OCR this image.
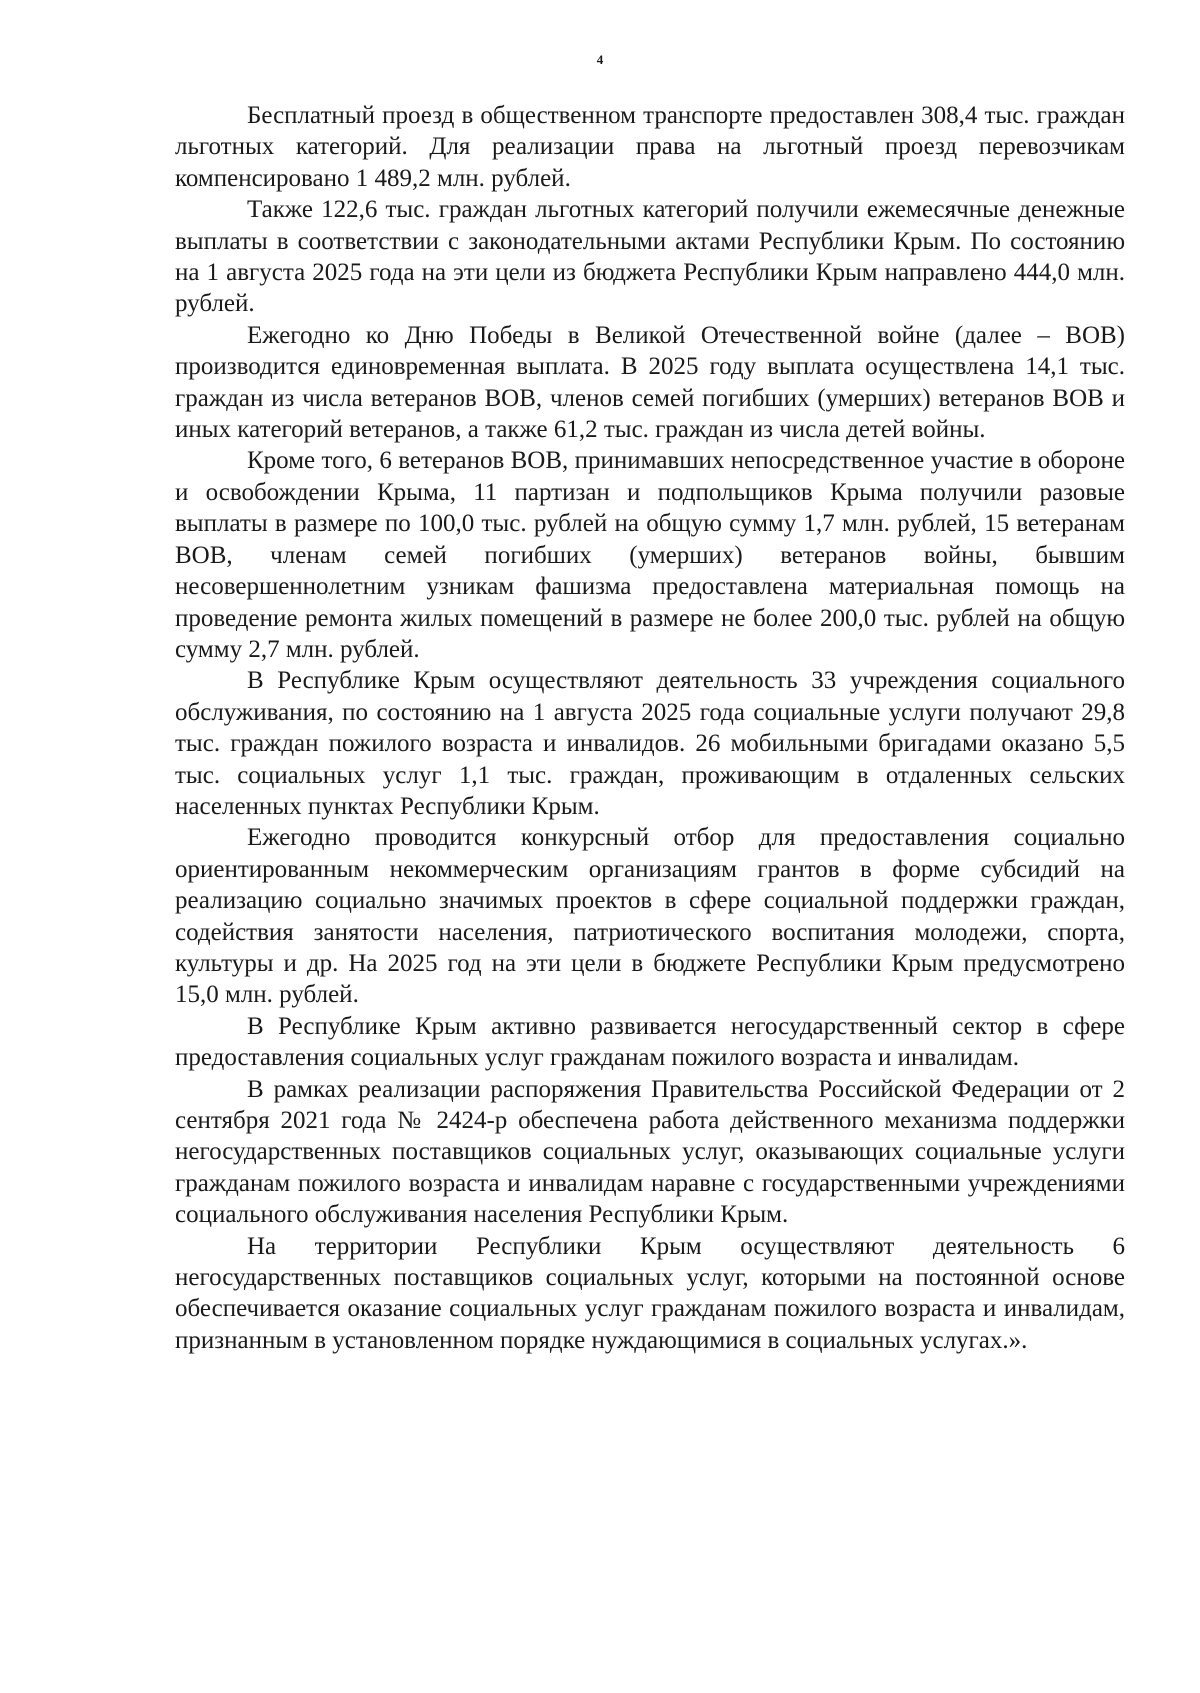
4

Бесплатный проезд в общественном транспорте предоставлен 308,4 тыс. граждан льготных категорий. Для реализации права на льготный проезд перевозчикам компенсировано 1 489,2 млн. рублей.

Также 122,6 тыс. граждан льготных категорий получили ежемесячные денежные выплаты в соответствии с законодательными актами Республики Крым. По состоянию на 1 августа 2025 года на эти цели из бюджета Республики Крым направлено 444,0 млн. рублей.

Ежегодно ко Дню Победы в Великой Отечественной войне (далее – ВОВ) производится единовременная выплата. В 2025 году выплата осуществлена 14,1 тыс. граждан из числа ветеранов ВОВ, членов семей погибших (умерших) ветеранов ВОВ и иных категорий ветеранов, а также 61,2 тыс. граждан из числа детей войны.

Кроме того, 6 ветеранов ВОВ, принимавших непосредственное участие в обороне и освобождении Крыма, 11 партизан и подпольщиков Крыма получили разовые выплаты в размере по 100,0 тыс. рублей на общую сумму 1,7 млн. рублей, 15 ветеранам ВОВ, членам семей погибших (умерших) ветеранов войны, бывшим несовершеннолетним узникам фашизма предоставлена материальная помощь на проведение ремонта жилых помещений в размере не более 200,0 тыс. рублей на общую сумму 2,7 млн. рублей.

В Республике Крым осуществляют деятельность 33 учреждения социального обслуживания, по состоянию на 1 августа 2025 года социальные услуги получают 29,8 тыс. граждан пожилого возраста и инвалидов. 26 мобильными бригадами оказано 5,5 тыс. социальных услуг 1,1 тыс. граждан, проживающим в отдаленных сельских населенных пунктах Республики Крым.

Ежегодно проводится конкурсный отбор для предоставления социально ориентированным некоммерческим организациям грантов в форме субсидий на реализацию социально значимых проектов в сфере социальной поддержки граждан, содействия занятости населения, патриотического воспитания молодежи, спорта, культуры и др. На 2025 год на эти цели в бюджете Республики Крым предусмотрено 15,0 млн. рублей.

В Республике Крым активно развивается негосударственный сектор в сфере предоставления социальных услуг гражданам пожилого возраста и инвалидам.

В рамках реализации распоряжения Правительства Российской Федерации от 2 сентября 2021 года № 2424-р обеспечена работа действенного механизма поддержки негосударственных поставщиков социальных услуг, оказывающих социальные услуги гражданам пожилого возраста и инвалидам наравне с государственными учреждениями социального обслуживания населения Республики Крым.

На территории Республики Крым осуществляют деятельность 6 негосударственных поставщиков социальных услуг, которыми на постоянной основе обеспечивается оказание социальных услуг гражданам пожилого возраста и инвалидам, признанным в установленном порядке нуждающимися в социальных услугах.».
